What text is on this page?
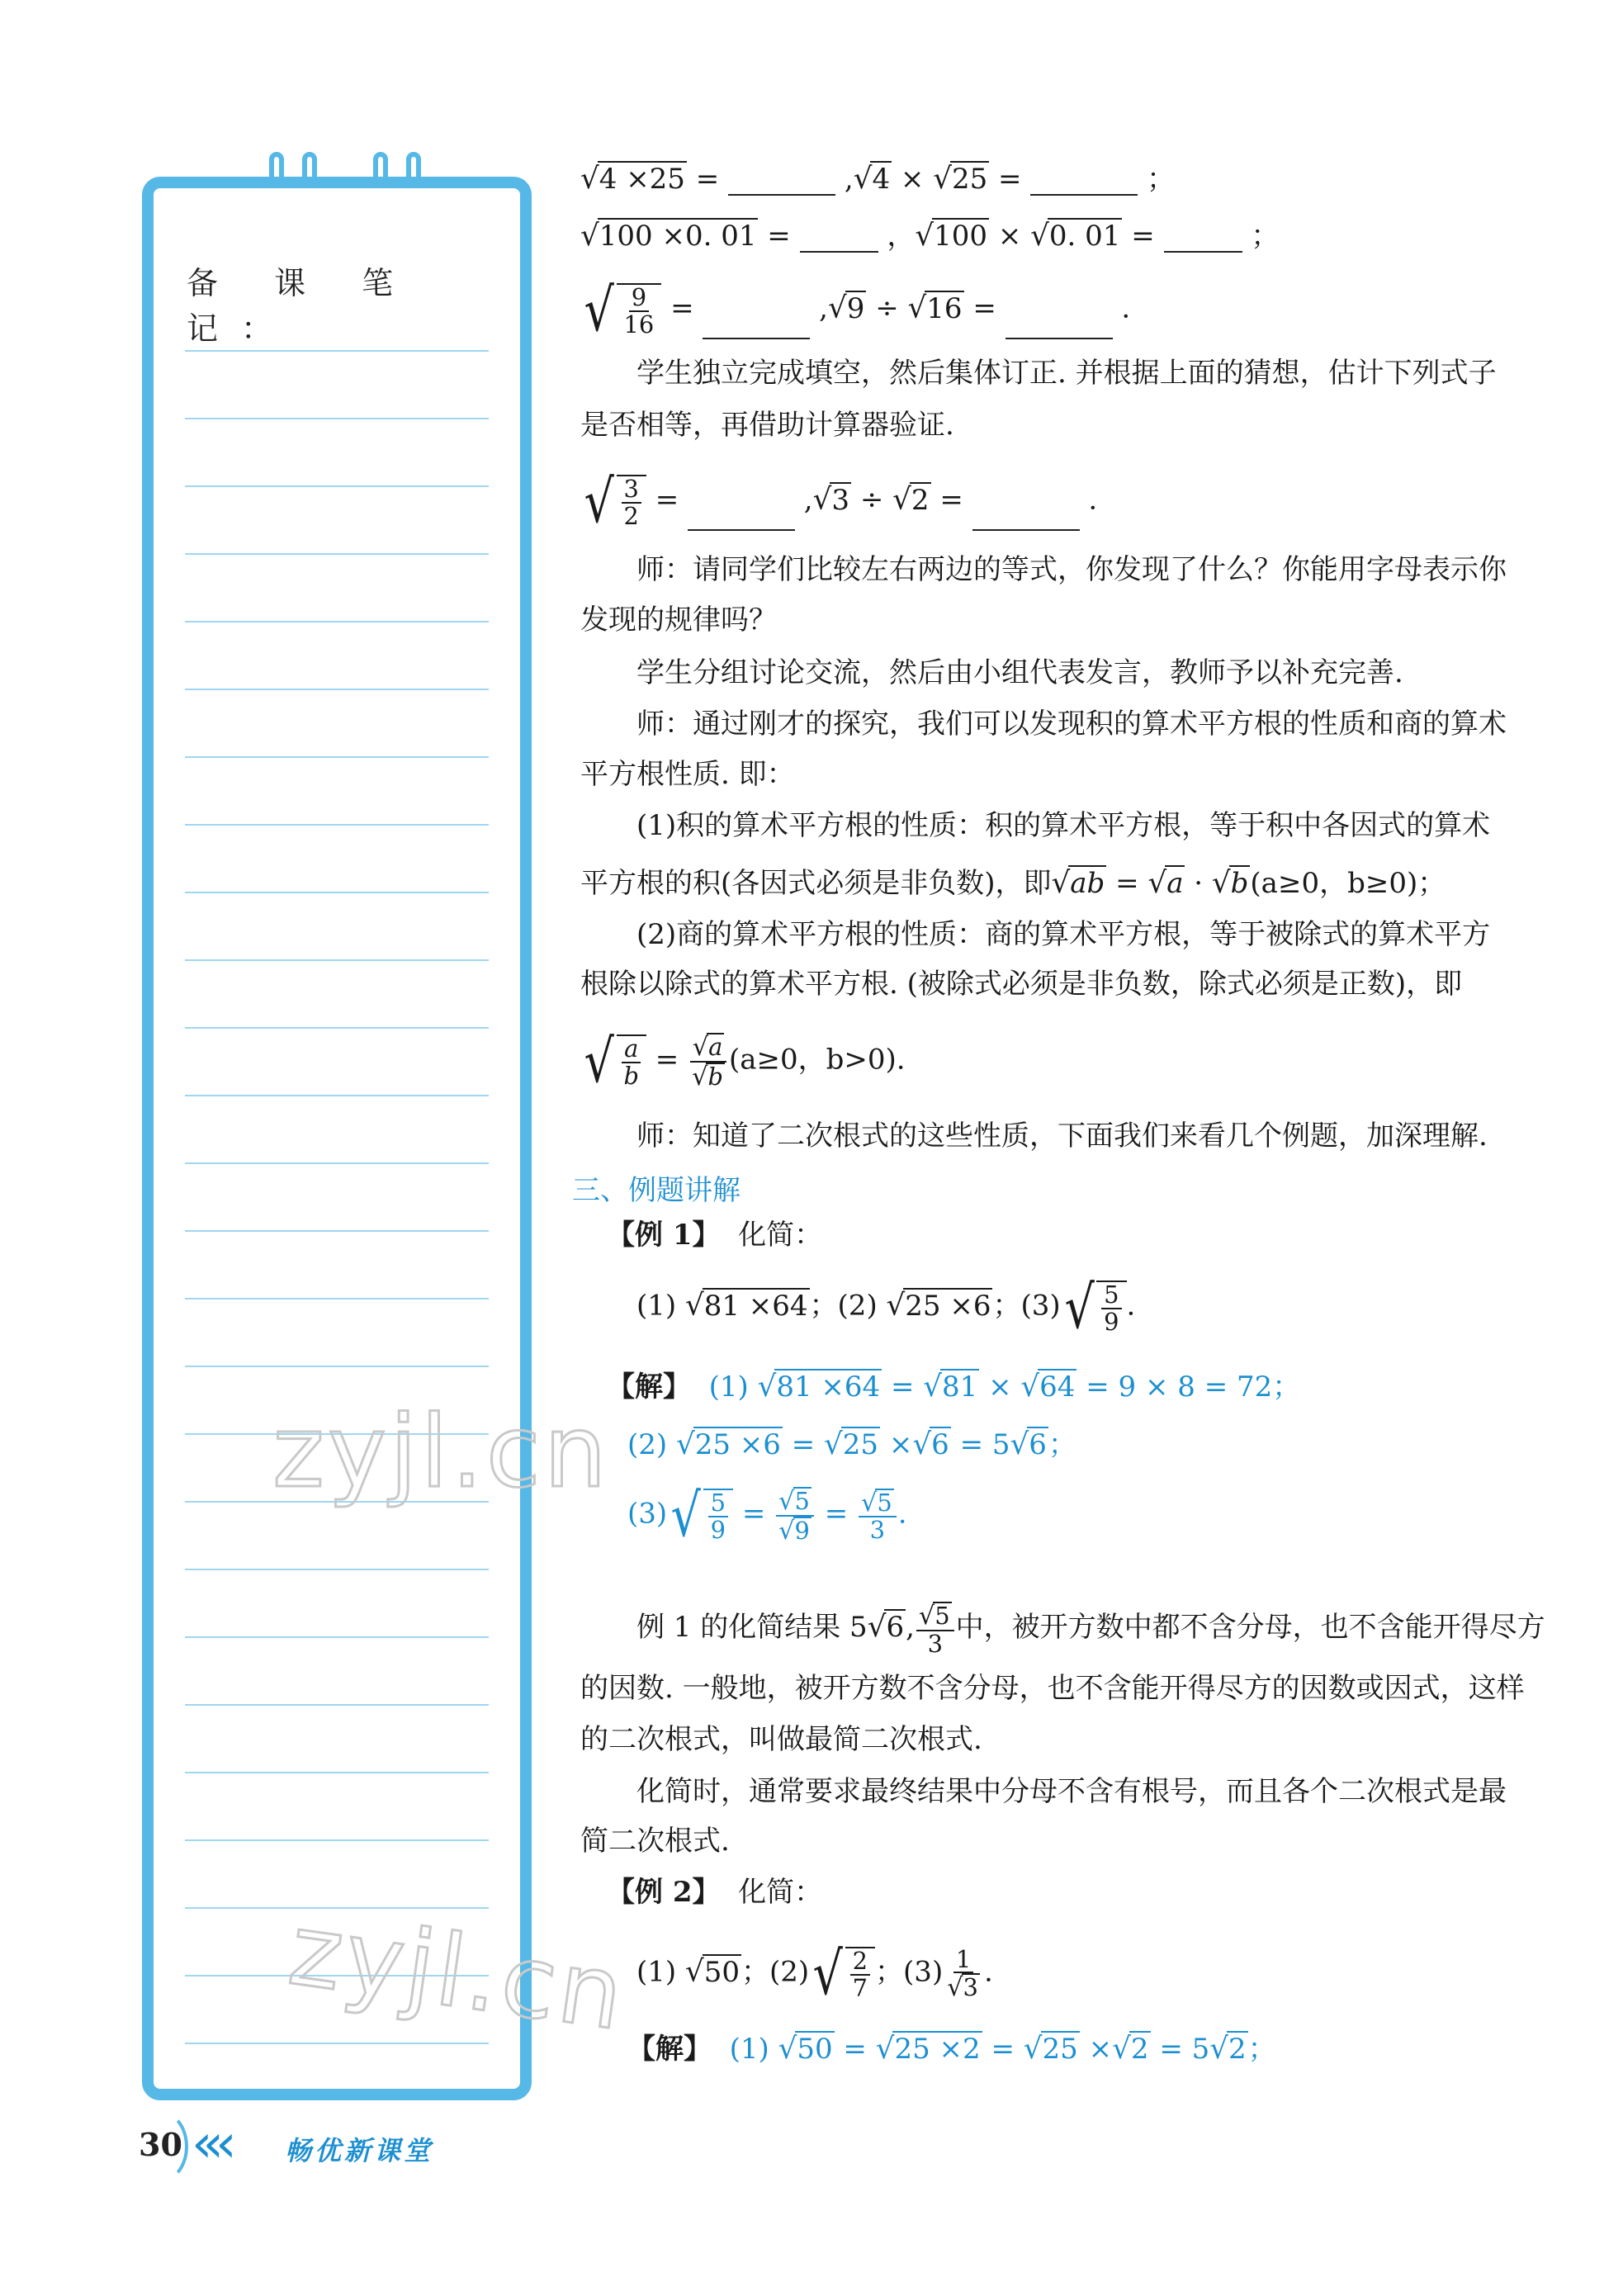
备 课 笔 记：
√4 ×25 =	,√4 × √25 =	；
√100 ×0. 01 =	，√100 × √0. 01 =	；
√ $\frac{9}{16}$ =	,√9 ÷ √16 =	.
学生独立完成填空，然后集体订正. 并根据上面的猜想，估计下列式子
是否相等，再借助计算器验证.
√ $\frac{3}{2}$ =	,√3 ÷ √2 =	.
师：请同学们比较左右两边的等式，你发现了什么？你能用字母表示你
发现的规律吗？
学生分组讨论交流，然后由小组代表发言，教师予以补充完善.
师：通过刚才的探究，我们可以发现积的算术平方根的性质和商的算术
平方根性质. 即：
(1)积的算术平方根的性质：积的算术平方根，等于积中各因式的算术
平方根的积(各因式必须是非负数)，即√ab = √a · √b(a≥0，b≥0)；
(2)商的算术平方根的性质：商的算术平方根，等于被除式的算术平方
根除以除式的算术平方根. (被除式必须是非负数，除式必须是正数)，即
√ $\frac{a}{b} = \frac{√a}{√b} (a\ge 0$，b>0).
师：知道了二次根式的这些性质，下面我们来看几个例题，加深理解.
三、例题讲解
【例 1】 化简：
(1) √81 ×64；(2) √25 ×6；(3) √ $\frac{5}{9}$ .
【解】 (1) √81 ×64 = √81 × √64 = 9 × 8 = 72；
(2) √25 ×6 = √25 ×√6 = 5√6；
(3) √ $\frac{5}{9} = \frac{√5}{√9} = \frac{√5}{3}$ .
例 1 的化简结果 5√6, $\frac{√5}{3}$ 中，被开方数中都不含分母，也不含能开得尽方
的因数. 一般地，被开方数不含分母，也不含能开得尽方的因数或因式，这样
的二次根式，叫做最简二次根式.
化简时，通常要求最终结果中分母不含有根号，而且各个二次根式是最
简二次根式.
【例 2】 化简：
(1) √50；(2) √ $\frac{2}{7}$ ；$(3) \frac{1}{√3}$ .
【解】 (1) √50 = √25 ×2 = √25 ×√2 = 5√2；
zyjl.cn
zyjl.cn
30 «‹ 畅优新课堂
